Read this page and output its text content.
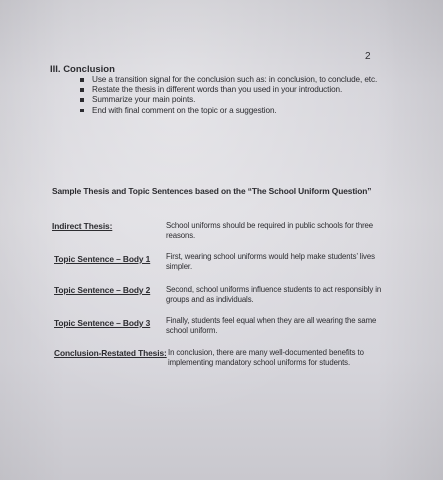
2
III. Conclusion
Use a transition signal for the conclusion such as: in conclusion, to conclude, etc.
Restate the thesis in different words than you used in your introduction.
Summarize your main points.
End with final comment on the topic or a suggestion.
Sample Thesis and Topic Sentences based on the “The School Uniform Question”
Indirect Thesis:	School uniforms should be required in public schools for three reasons.
Topic Sentence – Body 1 First, wearing school uniforms would help make students’ lives simpler.
Topic Sentence – Body 2 Second, school uniforms influence students to act responsibly in groups and as individuals.
Topic Sentence – Body 3 Finally, students feel equal when they are all wearing the same school uniform.
Conclusion-Restated Thesis: In conclusion, there are many well-documented benefits to implementing mandatory school uniforms for students.
